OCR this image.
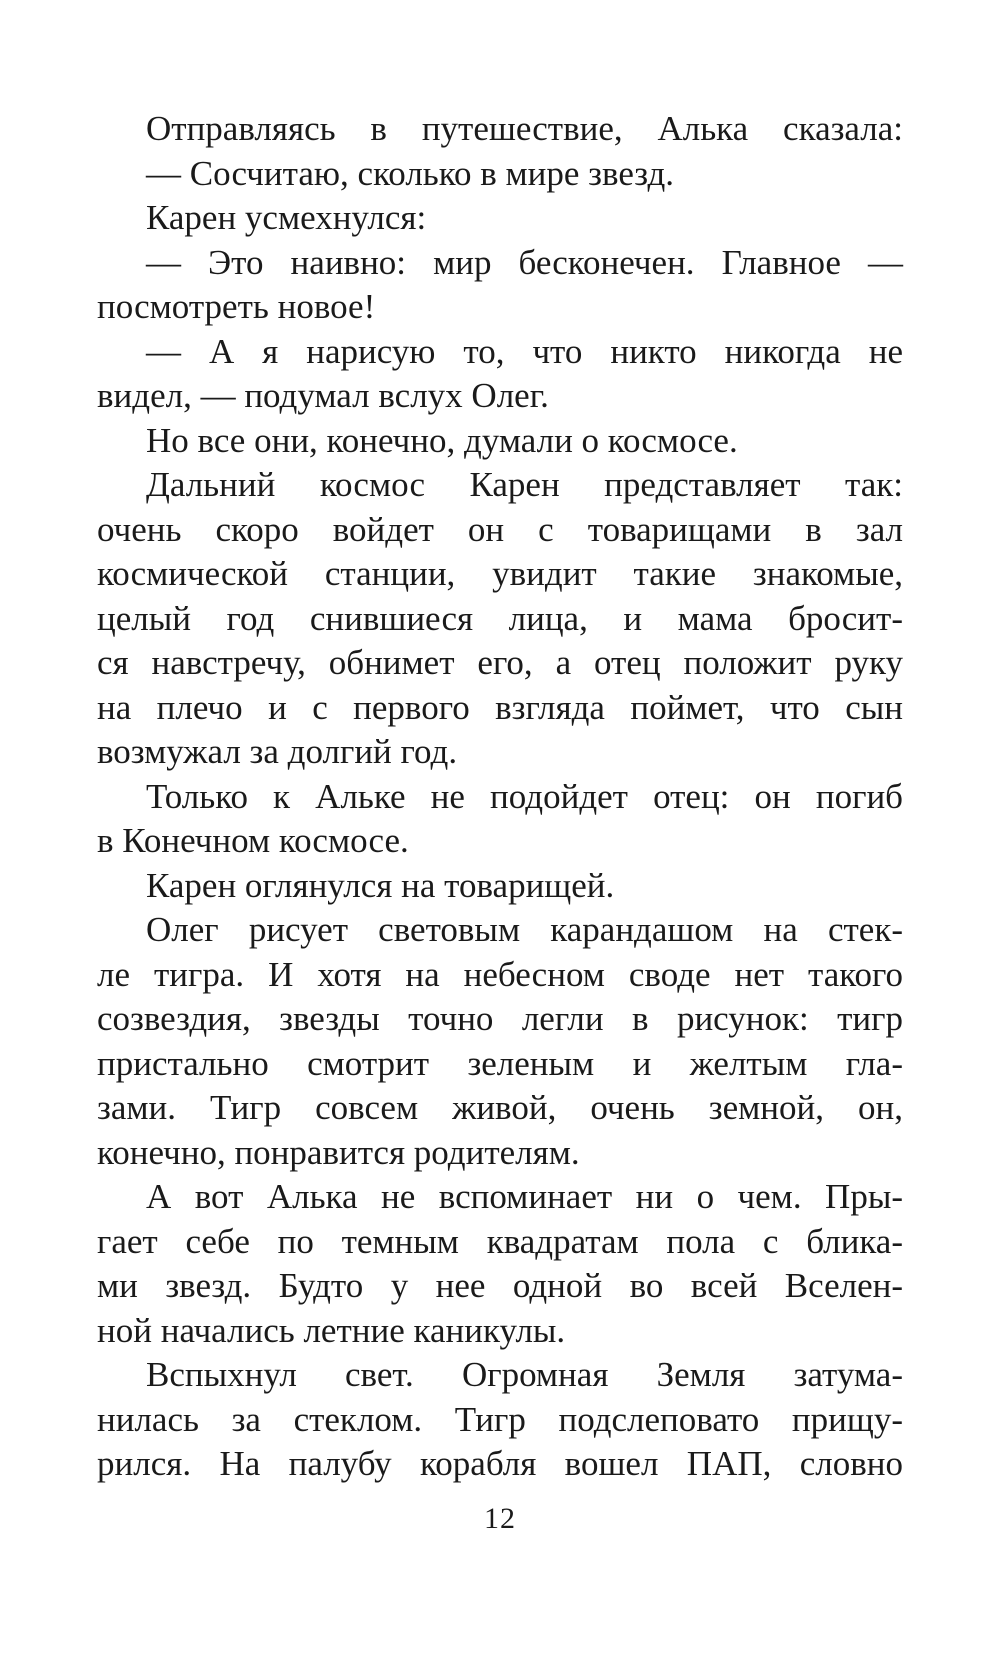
Отправляясь в путешествие, Алька сказала:
— Сосчитаю, сколько в мире звезд.
Карен усмехнулся:
— Это наивно: мир бесконечен. Главное —
посмотреть новое!
— А я нарисую то, что никто никогда не
видел, — подумал вслух Олег.
Но все они, конечно, думали о космосе.
Дальний космос Карен представляет так:
очень скоро войдет он с товарищами в зал
космической станции, увидит такие знакомые,
целый год снившиеся лица, и мама бросит-
ся навстречу, обнимет его, а отец положит руку
на плечо и с первого взгляда поймет, что сын
возмужал за долгий год.
Только к Альке не подойдет отец: он погиб
в Конечном космосе.
Карен оглянулся на товарищей.
Олег рисует световым карандашом на стек-
ле тигра. И хотя на небесном своде нет такого
созвездия, звезды точно легли в рисунок: тигр
пристально смотрит зеленым и желтым гла-
зами. Тигр совсем живой, очень земной, он,
конечно, понравится родителям.
А вот Алька не вспоминает ни о чем. Пры-
гает себе по темным квадратам пола с блика-
ми звезд. Будто у нее одной во всей Вселен-
ной начались летние каникулы.
Вспыхнул свет. Огромная Земля затума-
нилась за стеклом. Тигр подслеповато прищу-
рился. На палубу корабля вошел ПАП, словно
12
